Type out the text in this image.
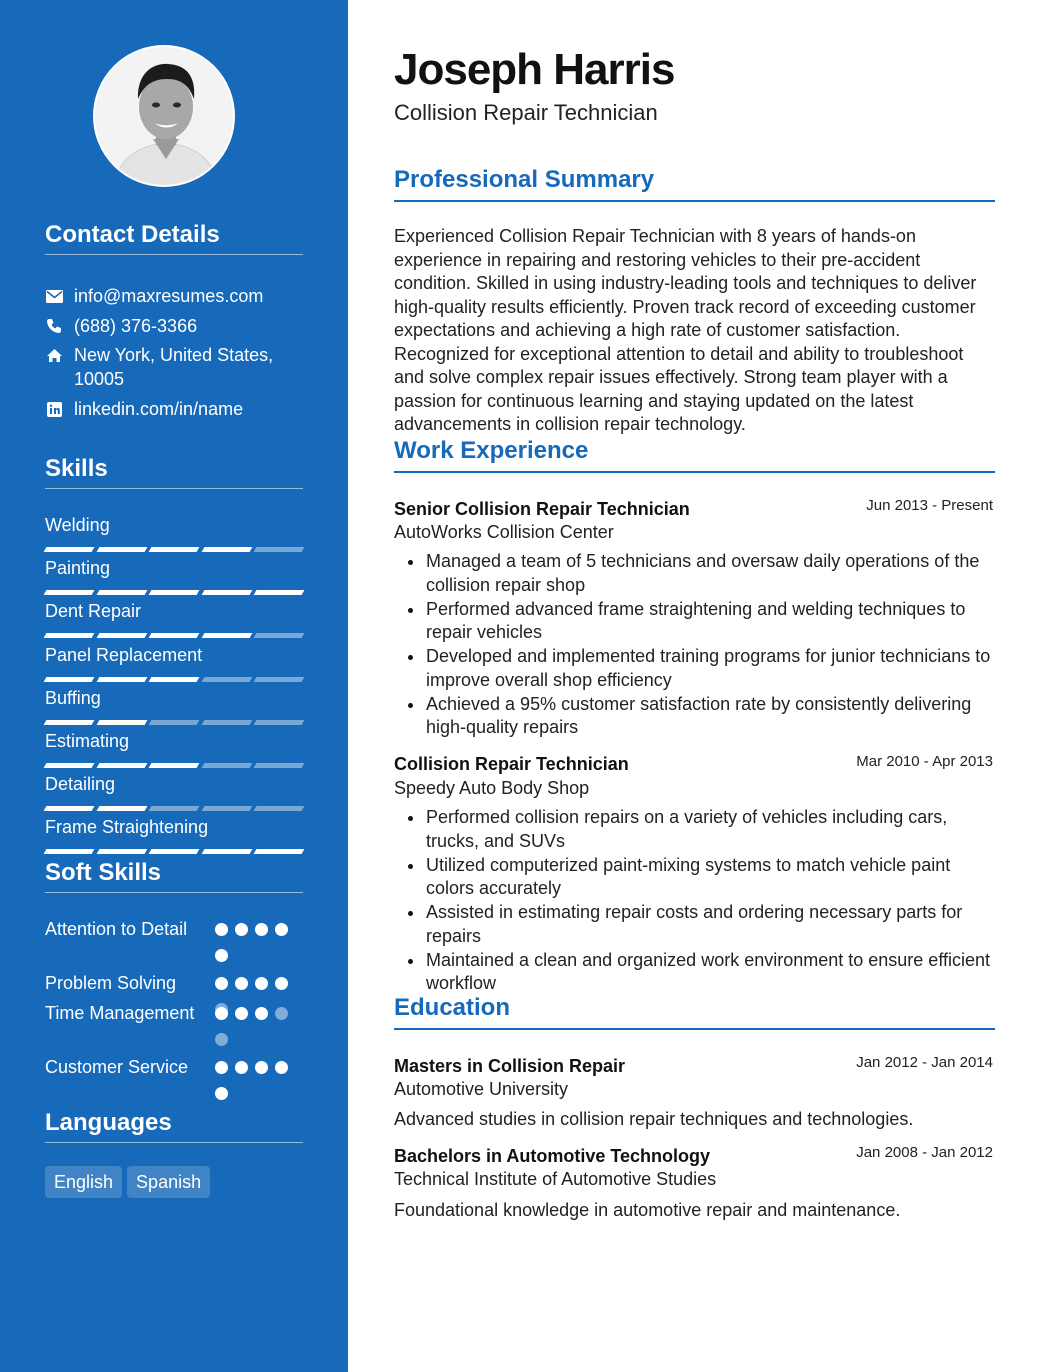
Contact Details
info@maxresumes.com
(688) 376-3366
New York, United States,
10005
linkedin.com/in/name
Skills
Welding
Painting
Dent Repair
Panel Replacement
Buffing
Estimating
Detailing
Frame Straightening
Soft Skills
Attention to Detail
Problem Solving
Time Management
Customer Service
Languages
English	Spanish
Joseph Harris
Collision Repair Technician
Professional Summary
Experienced Collision Repair Technician with 8 years of hands-on experience in repairing and restoring vehicles to their pre-accident condition. Skilled in using industry-leading tools and techniques to deliver high-quality results efficiently. Proven track record of exceeding customer expectations and achieving a high rate of customer satisfaction. Recognized for exceptional attention to detail and ability to troubleshoot and solve complex repair issues effectively. Strong team player with a passion for continuous learning and staying updated on the latest advancements in collision repair technology.
Work Experience
Senior Collision Repair Technician	Jun 2013 - Present
AutoWorks Collision Center
Managed a team of 5 technicians and oversaw daily operations of the collision repair shop
Performed advanced frame straightening and welding techniques to repair vehicles
Developed and implemented training programs for junior technicians to improve overall shop efficiency
Achieved a 95% customer satisfaction rate by consistently delivering high-quality repairs
Collision Repair Technician	Mar 2010 - Apr 2013
Speedy Auto Body Shop
Performed collision repairs on a variety of vehicles including cars, trucks, and SUVs
Utilized computerized paint-mixing systems to match vehicle paint colors accurately
Assisted in estimating repair costs and ordering necessary parts for repairs
Maintained a clean and organized work environment to ensure efficient workflow
Education
Masters in Collision Repair	Jan 2012 - Jan 2014
Automotive University
Advanced studies in collision repair techniques and technologies.
Bachelors in Automotive Technology	Jan 2008 - Jan 2012
Technical Institute of Automotive Studies
Foundational knowledge in automotive repair and maintenance.
